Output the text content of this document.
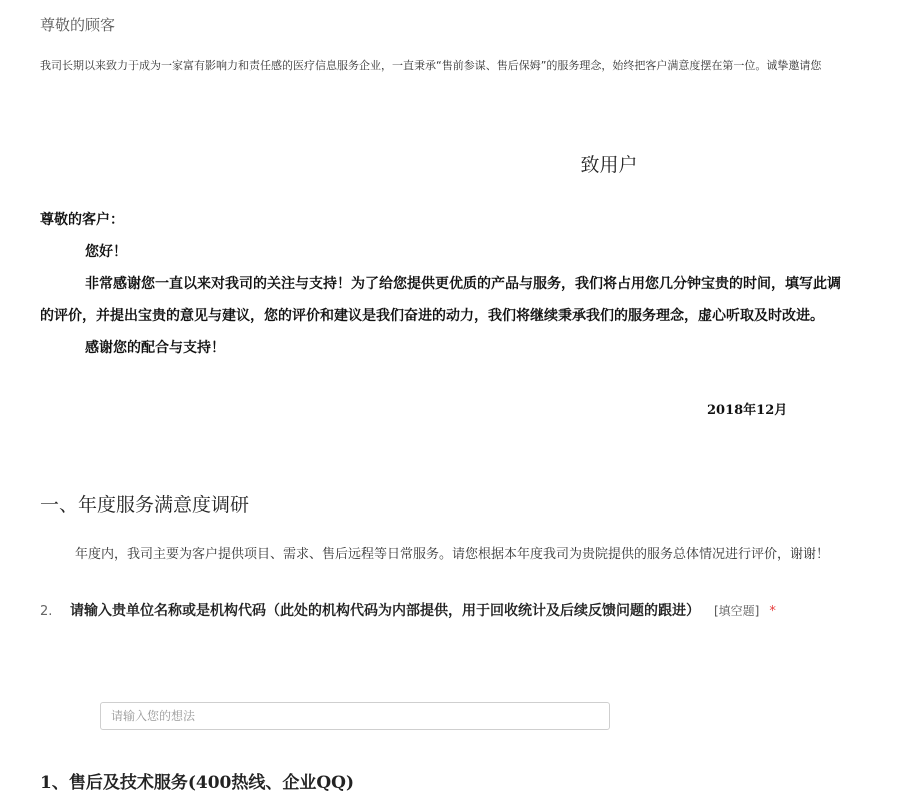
尊敬的顾客
我司长期以来致力于成为一家富有影响力和责任感的医疗信息服务企业，一直秉承“售前参谋、售后保姆”的服务理念，始终把客户满意度摆在第一位。诚挚邀请您
致用户
尊敬的客户：
您好！
非常感谢您一直以来对我司的关注与支持！为了给您提供更优质的产品与服务，我们将占用您几分钟宝贵的时间，填写此调
的评价，并提出宝贵的意见与建议，您的评价和建议是我们奋进的动力，我们将继续秉承我们的服务理念，虚心听取及时改进。
感谢您的配合与支持！
2018年12月
一、年度服务满意度调研
年度内，我司主要为客户提供项目、需求、售后远程等日常服务。请您根据本年度我司为贵院提供的服务总体情况进行评价，谢谢！
2. 请输入贵单位名称或是机构代码（此处的机构代码为内部提供，用于回收统计及后续反馈问题的跟进） [填空题] *
请输入您的想法
1、售后及技术服务(400热线、企业QQ)
